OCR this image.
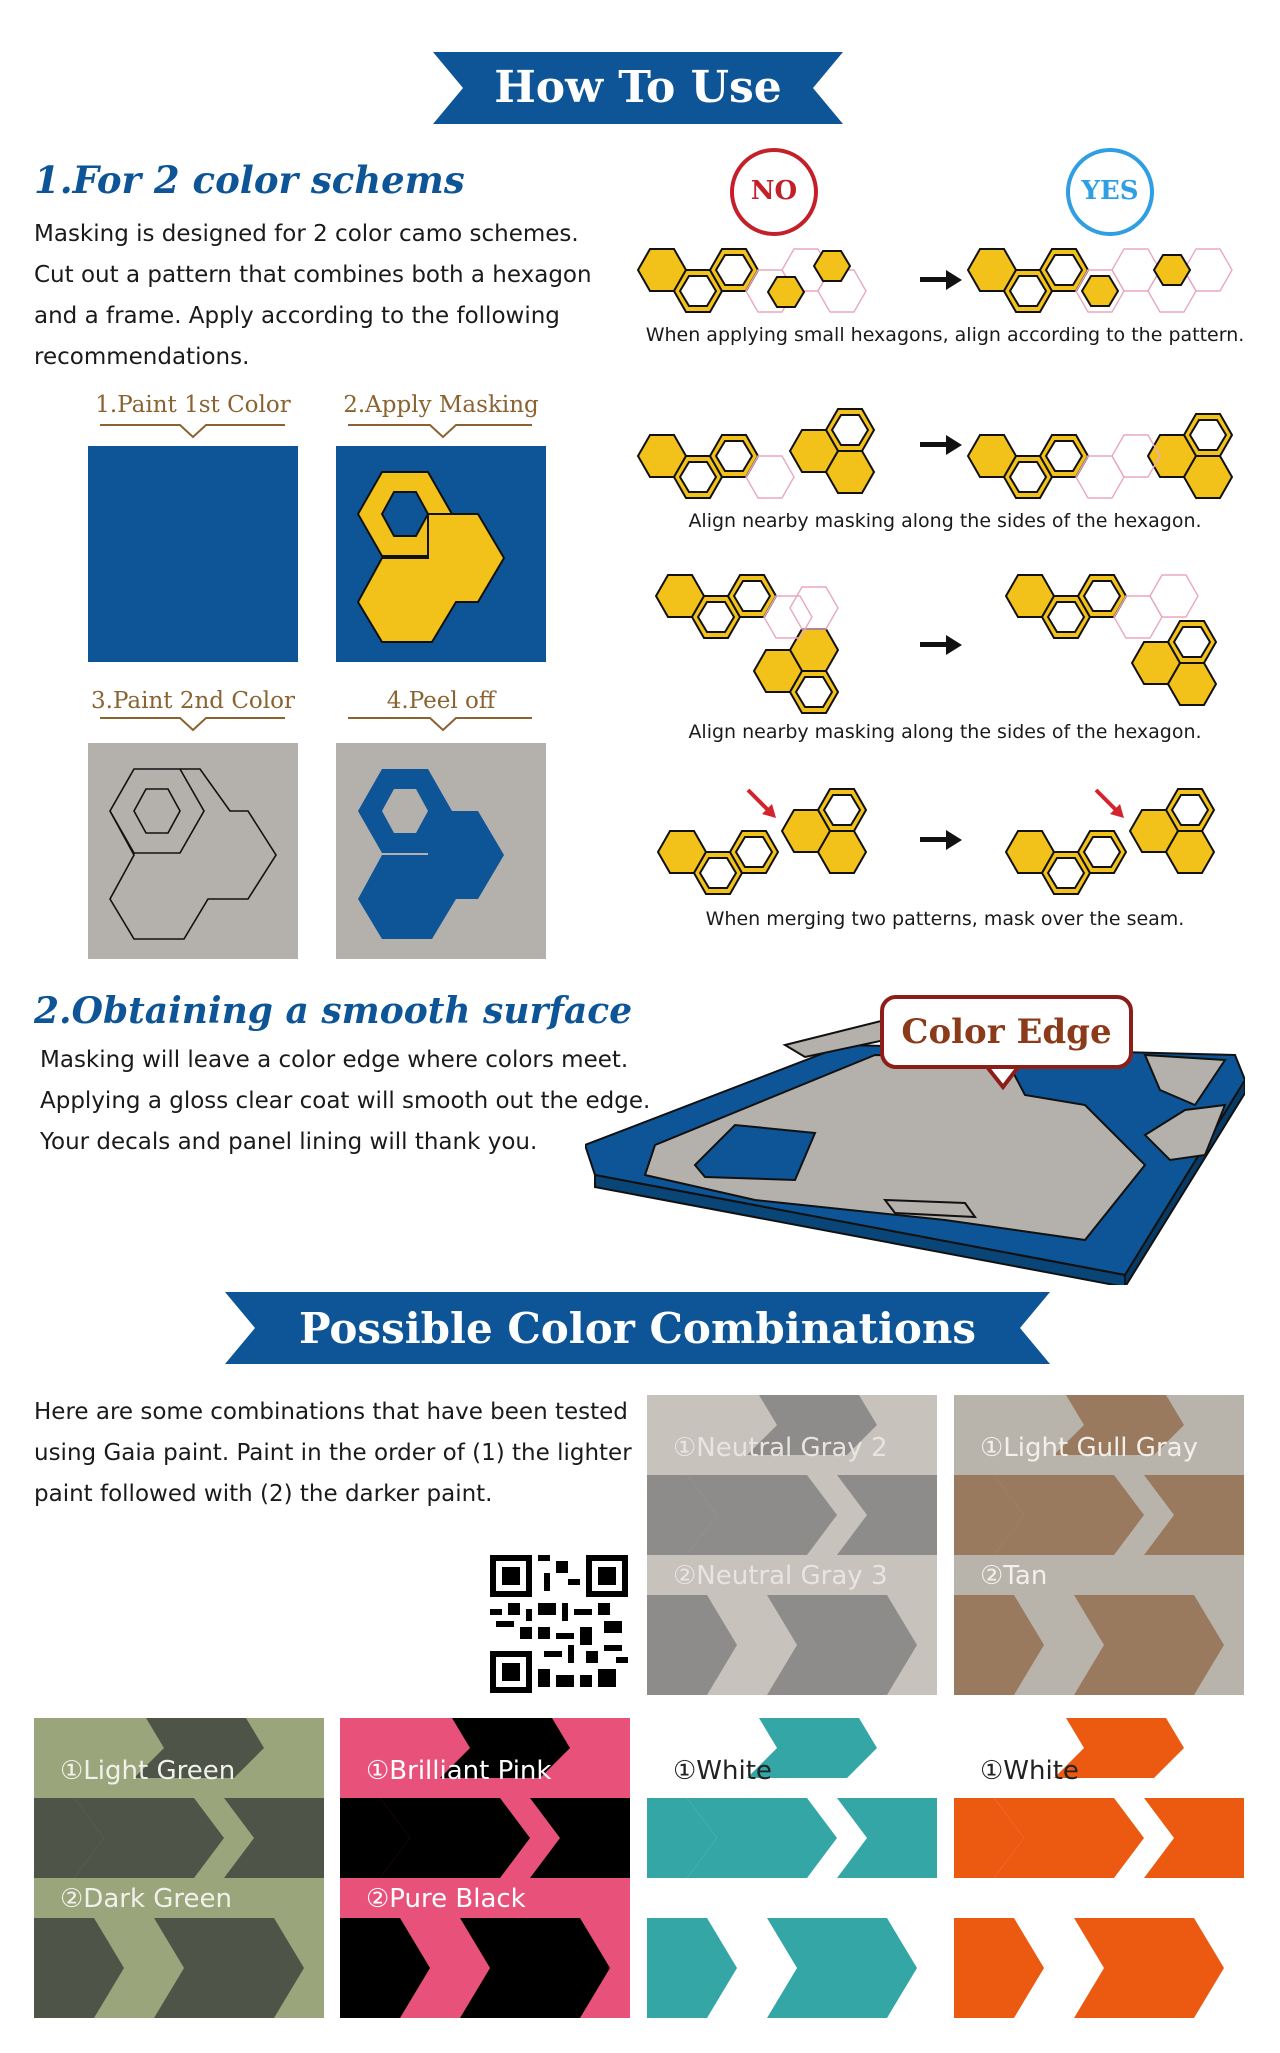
How To Use
1.For 2 color schems
Masking is designed for 2 color camo schemes.
Cut out a pattern that combines both a hexagon
and a frame. Apply according to the following
recommendations.
1.Paint 1st Color	2.Apply Masking
3.Paint 2nd Color	4.Peel off
NO	YES
When applying small hexagons, align according to the pattern.
Align nearby masking along the sides of the hexagon.
Align nearby masking along the sides of the hexagon.
When merging two patterns, mask over the seam.
2.Obtaining a smooth surface
Masking will leave a color edge where colors meet.
Applying a gloss clear coat will smooth out the edge.
Your decals and panel lining will thank you.
Color Edge
Possible Color Combinations
Here are some combinations that have been tested
using Gaia paint. Paint in the order of (1) the lighter
paint followed with (2) the darker paint.
①Neutral Gray 2
②Neutral Gray 3
①Light Gull Gray
②Tan
①Light Green
②Dark Green
①Brilliant Pink
②Pure Black
①White
②Stone Green
①White
②Pure Orange
